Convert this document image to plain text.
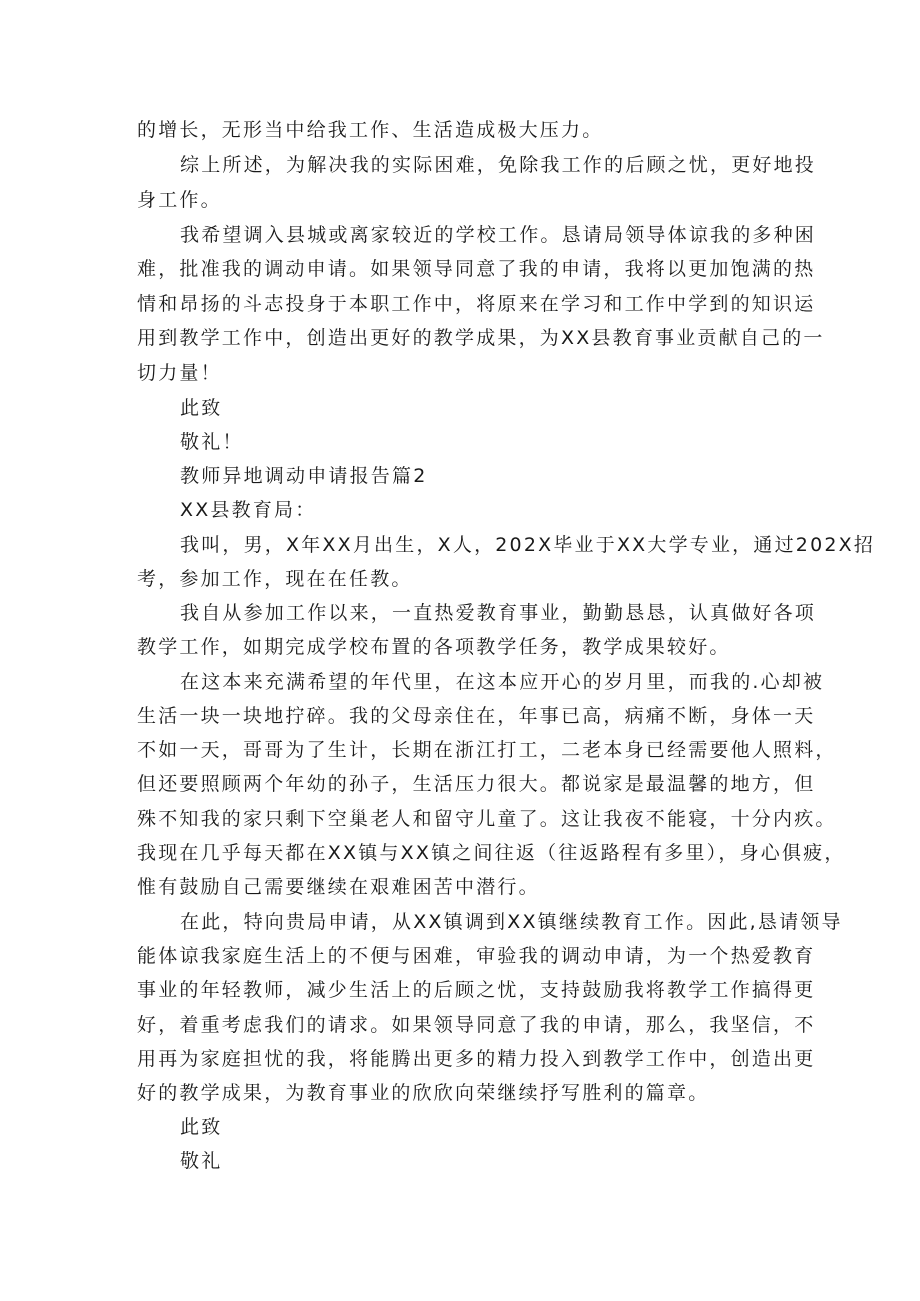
的增长，无形当中给我工作、生活造成极大压力。
综上所述，为解决我的实际困难，免除我工作的后顾之忧，更好地投
身工作。
我希望调入县城或离家较近的学校工作。恳请局领导体谅我的多种困
难，批准我的调动申请。如果领导同意了我的申请，我将以更加饱满的热
情和昂扬的斗志投身于本职工作中，将原来在学习和工作中学到的知识运
用到教学工作中，创造出更好的教学成果，为XX县教育事业贡献自己的一
切力量！
此致
敬礼！
教师异地调动申请报告篇2
XX县教育局：
我叫，男，X年XX月出生，X人，202X毕业于XX大学专业，通过202X招
考，参加工作，现在在任教。
我自从参加工作以来，一直热爱教育事业，勤勤恳恳，认真做好各项
教学工作，如期完成学校布置的各项教学任务，教学成果较好。
在这本来充满希望的年代里，在这本应开心的岁月里，而我的.心却被
生活一块一块地拧碎。我的父母亲住在，年事已高，病痛不断，身体一天
不如一天，哥哥为了生计，长期在浙江打工，二老本身已经需要他人照料，
但还要照顾两个年幼的孙子，生活压力很大。都说家是最温馨的地方，但
殊不知我的家只剩下空巢老人和留守儿童了。这让我夜不能寝，十分内疚。
我现在几乎每天都在XX镇与XX镇之间往返（往返路程有多里），身心俱疲，
惟有鼓励自己需要继续在艰难困苦中潜行。
在此，特向贵局申请，从XX镇调到XX镇继续教育工作。因此,恳请领导
能体谅我家庭生活上的不便与困难，审验我的调动申请，为一个热爱教育
事业的年轻教师，减少生活上的后顾之忧，支持鼓励我将教学工作搞得更
好，着重考虑我们的请求。如果领导同意了我的申请，那么，我坚信，不
用再为家庭担忧的我，将能腾出更多的精力投入到教学工作中，创造出更
好的教学成果，为教育事业的欣欣向荣继续抒写胜利的篇章。
此致
敬礼
